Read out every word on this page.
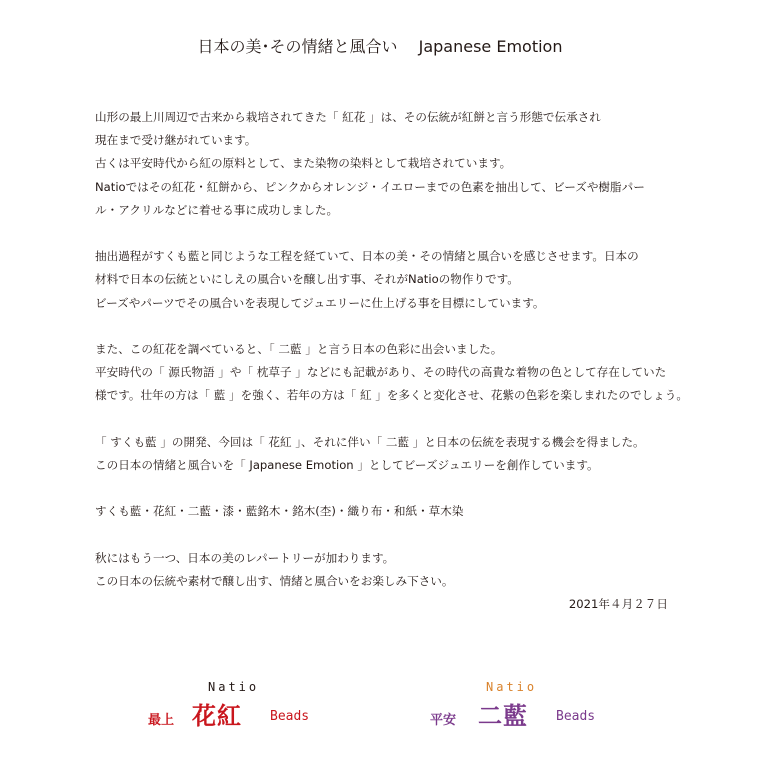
日本の美･その情緒と風合い　 Japanese Emotion

山形の最上川周辺で古来から栽培されてきた「 紅花 」は、その伝統が紅餅と言う形態で伝承され
現在まで受け継がれています。
古くは平安時代から紅の原料として、また染物の染料として栽培されています。
Natioではその紅花・紅餅から、ピンクからオレンジ・イエローまでの色素を抽出して、ビーズや樹脂パー
ル・アクリルなどに着せる事に成功しました。

抽出過程がすくも藍と同じような工程を経ていて、日本の美・その情緒と風合いを感じさせます。日本の
材料で日本の伝統といにしえの風合いを醸し出す事、それがNatioの物作りです。
ビーズやパーツでその風合いを表現してジュエリーに仕上げる事を目標にしています。

また、この紅花を調べていると、「 二藍 」と言う日本の色彩に出会いました。
平安時代の「 源氏物語 」や「 枕草子 」などにも記載があり、その時代の高貴な着物の色として存在していた
様です。壮年の方は「 藍 」を強く、若年の方は「 紅 」を多くと変化させ、花紫の色彩を楽しまれたのでしょう。

「 すくも藍 」の開発、今回は「 花紅 」、それに伴い「 二藍 」と日本の伝統を表現する機会を得ました。
この日本の情緒と風合いを「 Japanese Emotion 」としてビーズジュエリーを創作しています。

すくも藍・花紅・二藍・漆・藍銘木・銘木(杢)・織り布・和紙・草木染

秋にはもう一つ、日本の美のレパートリーが加わります。
この日本の伝統や素材で醸し出す、情緒と風合いをお楽しみ下さい。

2021年４月２７日
Natio
最上 花紅 Beads
Natio
平安 二藍 Beads
